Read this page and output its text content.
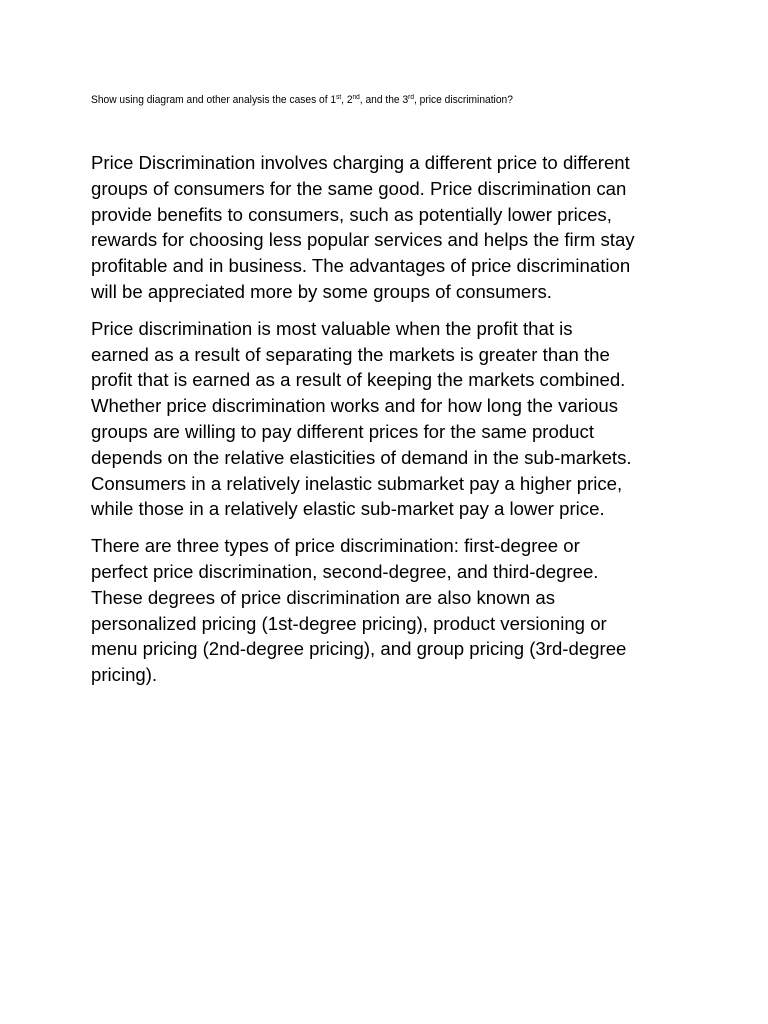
Show using diagram and other analysis the cases of 1st, 2nd, and the 3rd, price discrimination?

Price Discrimination involves charging a different price to different
groups of consumers for the same good. Price discrimination can
provide benefits to consumers, such as potentially lower prices,
rewards for choosing less popular services and helps the firm stay
profitable and in business. The advantages of price discrimination
will be appreciated more by some groups of consumers.

Price discrimination is most valuable when the profit that is
earned as a result of separating the markets is greater than the
profit that is earned as a result of keeping the markets combined.
Whether price discrimination works and for how long the various
groups are willing to pay different prices for the same product
depends on the relative elasticities of demand in the sub-markets.
Consumers in a relatively inelastic submarket pay a higher price,
while those in a relatively elastic sub-market pay a lower price.

There are three types of price discrimination: first-degree or
perfect price discrimination, second-degree, and third-degree.
These degrees of price discrimination are also known as
personalized pricing (1st-degree pricing), product versioning or
menu pricing (2nd-degree pricing), and group pricing (3rd-degree
pricing).
